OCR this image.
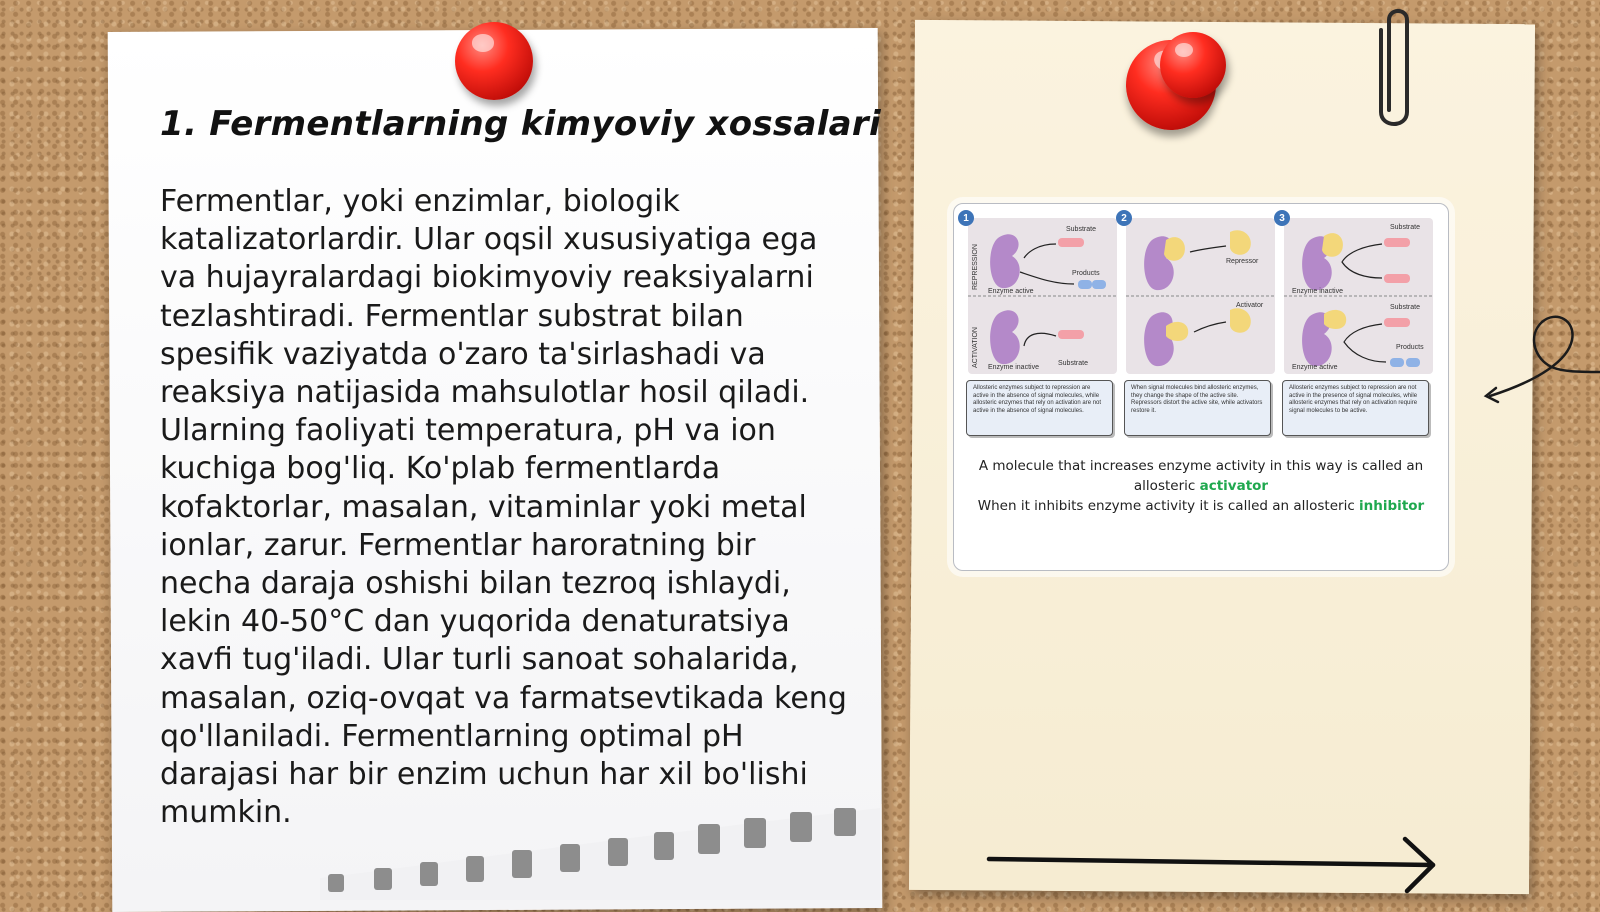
1. Fermentlarning kimyoviy xossalari

Fermentlar, yoki enzimlar, biologik katalizatorlardir. Ular oqsil xususiyatiga ega va hujayralardagi biokimyoviy reaksiyalarni tezlashtiradi. Fermentlar substrat bilan spesifik vaziyatda o'zaro ta'sirlashadi va reaksiya natijasida mahsulotlar hosil qiladi. Ularning faoliyati temperatura, pH va ion kuchiga bog'liq. Ko'plab fermentlarda kofaktorlar, masalan, vitaminlar yoki metal ionlar, zarur. Fermentlar haroratning bir necha daraja oshishi bilan tezroq ishlaydi, lekin 40-50°C dan yuqorida denaturatsiya xavfi tug'iladi. Ular turli sanoat sohalarida, masalan, oziq-ovqat va farmatsevtikada keng qo'llaniladi. Fermentlarning optimal pH darajasi har bir enzim uchun har xil bo'lishi mumkin.

1
REPRESSION
ACTIVATION
Substrate
Products
Enzyme active
Enzyme inactive
Substrate
Allosteric enzymes subject to repression are active in the absence of signal molecules, while allosteric enzymes that rely on activation are not active in the absence of signal molecules.
2
Repressor
Activator
When signal molecules bind allosteric enzymes, they change the shape of the active site. Repressors distort the active site, while activators restore it.
3
Substrate
Enzyme inactive
Substrate
Products
Enzyme active
Allosteric enzymes subject to repression are not active in the presence of signal molecules, while allosteric enzymes that rely on activation require signal molecules to be active.
A molecule that increases enzyme activity in this way is called an allosteric activator
When it inhibits enzyme activity it is called an allosteric inhibitor
